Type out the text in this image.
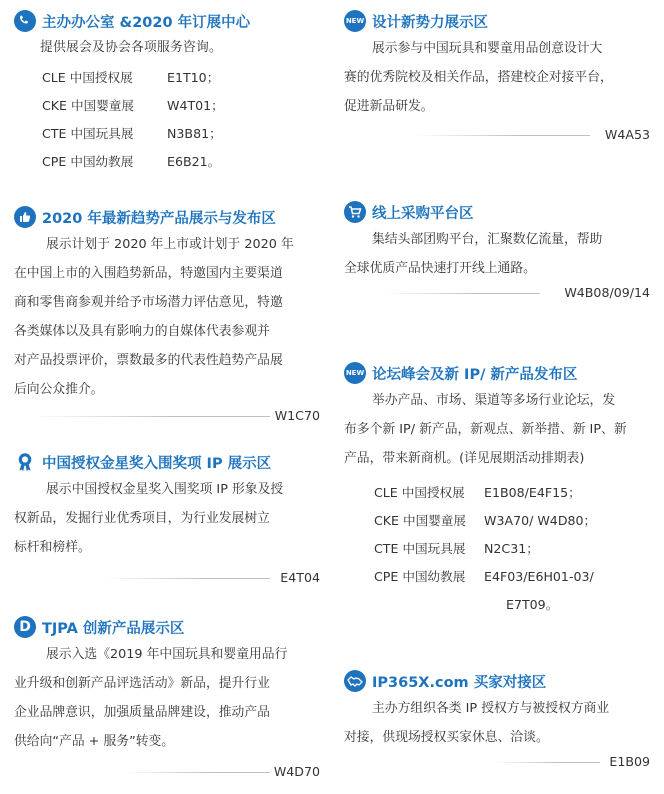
主办办公室 &2020 年订展中心

提供展会及协会各项服务咨询。

CLE 中国授权展	E1T10；
CKE 中国婴童展	W4T01；
CTE 中国玩具展	N3B81；
CPE 中国幼教展	E6B21。
2020 年最新趋势产品展示与发布区
展示计划于 2020 年上市或计划于 2020 年
在中国上市的入围趋势新品，特邀国内主要渠道
商和零售商参观并给予市场潜力评估意见，特邀
各类媒体以及具有影响力的自媒体代表参观并
对产品投票评价，票数最多的代表性趋势产品展
后向公众推介。
W1C70
中国授权金星奖入围奖项 IP 展示区
展示中国授权金星奖入围奖项 IP 形象及授
权新品，发掘行业优秀项目，为行业发展树立
标杆和榜样。
E4T04
D TJPA 创新产品展示区
展示入选《2019 年中国玩具和婴童用品行
业升级和创新产品评选活动》新品，提升行业
企业品牌意识，加强质量品牌建设，推动产品
供给向“产品 + 服务”转变。
W4D70
NEW 设计新势力展示区
展示参与中国玩具和婴童用品创意设计大
赛的优秀院校及相关作品，搭建校企对接平台，
促进新品研发。
W4A53
线上采购平台区
集结头部团购平台，汇聚数亿流量，帮助
全球优质产品快速打开线上通路。
W4B08/09/14
NEW 论坛峰会及新 IP/ 新产品发布区
举办产品、市场、渠道等多场行业论坛，发
布多个新 IP/ 新产品，新观点、新举措、新 IP、新
产品，带来新商机。(详见展期活动排期表)
CLE 中国授权展	E1B08/E4F15；
CKE 中国婴童展	W3A70/ W4D80；
CTE 中国玩具展	N2C31；
CPE 中国幼教展	E4F03/E6H01-03/
E7T09。
IP365X.com 买家对接区
主办方组织各类 IP 授权方与被授权方商业
对接，供现场授权买家休息、洽谈。
E1B09
